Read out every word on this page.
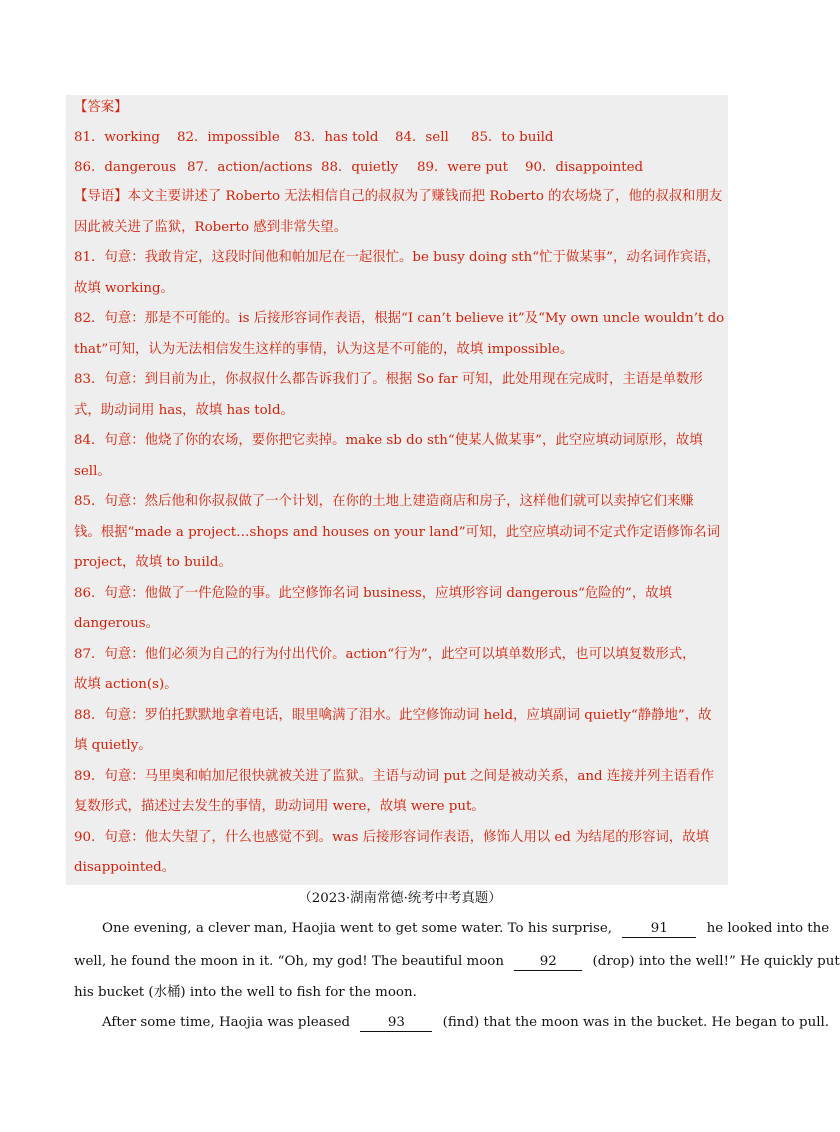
【答案】
81．working 82．impossible 83．has told 84．sell 85．to build
86．dangerous 87．action/actions 88．quietly 89．were put 90．disappointed
【导语】本文主要讲述了 Roberto 无法相信自己的叔叔为了赚钱而把 Roberto 的农场烧了，他的叔叔和朋友
因此被关进了监狱，Roberto 感到非常失望。
81．句意：我敢肯定，这段时间他和帕加尼在一起很忙。be busy doing sth“忙于做某事”，动名词作宾语，
故填 working。
82．句意：那是不可能的。is 后接形容词作表语，根据“I can’t believe it”及“My own uncle wouldn’t do
that”可知，认为无法相信发生这样的事情，认为这是不可能的，故填 impossible。
83．句意：到目前为止，你叔叔什么都告诉我们了。根据 So far 可知，此处用现在完成时，主语是单数形
式，助动词用 has，故填 has told。
84．句意：他烧了你的农场，要你把它卖掉。make sb do sth“使某人做某事”，此空应填动词原形，故填
sell。
85．句意：然后他和你叔叔做了一个计划，在你的土地上建造商店和房子，这样他们就可以卖掉它们来赚
钱。根据“made a project…shops and houses on your land”可知，此空应填动词不定式作定语修饰名词
project，故填 to build。
86．句意：他做了一件危险的事。此空修饰名词 business，应填形容词 dangerous“危险的”，故填
dangerous。
87．句意：他们必须为自己的行为付出代价。action“行为”，此空可以填单数形式，也可以填复数形式，
故填 action(s)。
88．句意：罗伯托默默地拿着电话，眼里噙满了泪水。此空修饰动词 held，应填副词 quietly“静静地”，故
填 quietly。
89．句意：马里奥和帕加尼很快就被关进了监狱。主语与动词 put 之间是被动关系，and 连接并列主语看作
复数形式，描述过去发生的事情，助动词用 were，故填 were put。
90．句意：他太失望了，什么也感觉不到。was 后接形容词作表语，修饰人用以 ed 为结尾的形容词，故填
disappointed。
（2023·湖南常德·统考中考真题）
One evening, a clever man, Haojia went to get some water. To his surprise,	91	he looked into the
well, he found the moon in it. “Oh, my god! The beautiful moon	92	(drop) into the well!” He quickly put
his bucket (水桶) into the well to fish for the moon.
After some time, Haojia was pleased	93	(find) that the moon was in the bucket. He began to pull.
